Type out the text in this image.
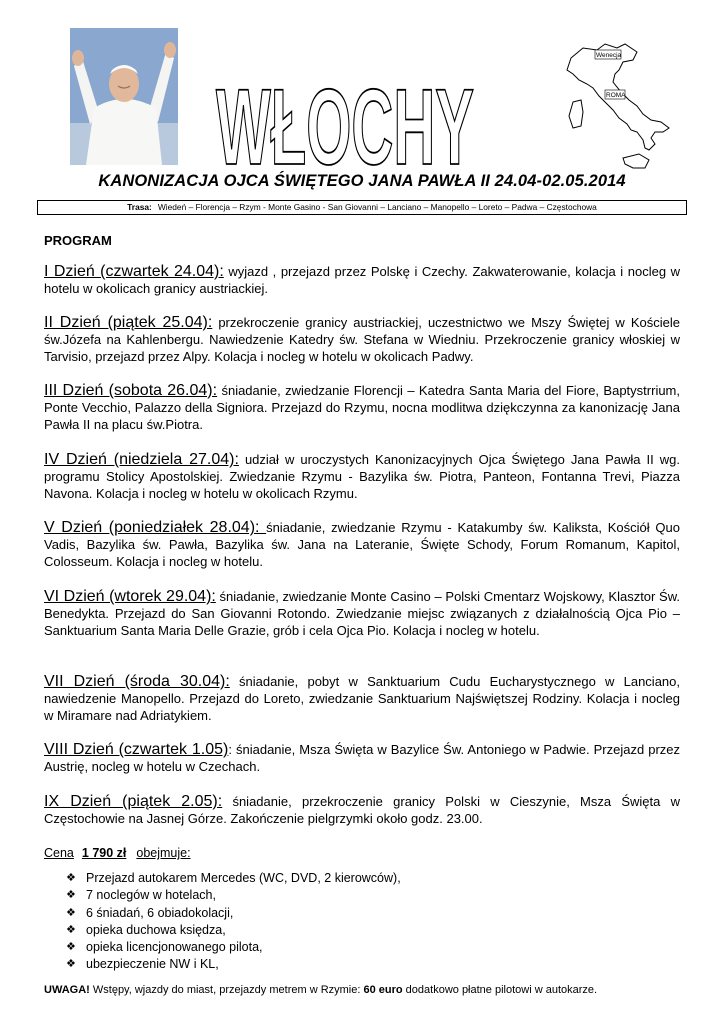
WŁOCHY
Wenecja
ROMA
KANONIZACJA OJCA ŚWIĘTEGO JANA PAWŁA II 24.04-02.05.2014
Trasa: Wiedeń – Florencja – Rzym - Monte Gasino - San Giovanni – Lanciano – Manopello – Loreto – Padwa – Częstochowa
PROGRAM
I Dzień (czwartek 24.04): wyjazd , przejazd przez Polskę i Czechy. Zakwaterowanie, kolacja i nocleg w hotelu w okolicach granicy austriackiej.
II Dzień (piątek 25.04): przekroczenie granicy austriackiej, uczestnictwo we Mszy Świętej w Kościele św.Józefa na Kahlenbergu. Nawiedzenie Katedry św. Stefana w Wiedniu. Przekroczenie granicy włoskiej w Tarvisio, przejazd przez Alpy. Kolacja i nocleg w hotelu w okolicach Padwy.
III Dzień (sobota 26.04): śniadanie, zwiedzanie Florencji – Katedra Santa Maria del Fiore, Baptystrrium, Ponte Vecchio, Palazzo della Signiora. Przejazd do Rzymu, nocna modlitwa dziękczynna za kanonizację Jana Pawła II na placu św.Piotra.
IV Dzień (niedziela 27.04): udział w uroczystych Kanonizacyjnych Ojca Świętego Jana Pawła II wg. programu Stolicy Apostolskiej. Zwiedzanie Rzymu - Bazylika św. Piotra, Panteon, Fontanna Trevi, Piazza Navona. Kolacja i nocleg w hotelu w okolicach Rzymu.
V Dzień (poniedziałek 28.04): śniadanie, zwiedzanie Rzymu - Katakumby św. Kaliksta, Kościół Quo Vadis, Bazylika św. Pawła, Bazylika św. Jana na Lateranie, Święte Schody, Forum Romanum, Kapitol, Colosseum. Kolacja i nocleg w hotelu.
VI Dzień (wtorek 29.04): śniadanie, zwiedzanie Monte Casino – Polski Cmentarz Wojskowy, Klasztor Św. Benedykta. Przejazd do San Giovanni Rotondo. Zwiedzanie miejsc związanych z działalnością Ojca Pio – Sanktuarium Santa Maria Delle Grazie, grób i cela Ojca Pio. Kolacja i nocleg w hotelu.
VII Dzień (środa 30.04): śniadanie, pobyt w Sanktuarium Cudu Eucharystycznego w Lanciano, nawiedzenie Manopello. Przejazd do Loreto, zwiedzanie Sanktuarium Najświętszej Rodziny. Kolacja i nocleg w Miramare nad Adriatykiem.
VIII Dzień (czwartek 1.05): śniadanie, Msza Święta w Bazylice Św. Antoniego w Padwie. Przejazd przez Austrię, nocleg w hotelu w Czechach.
IX Dzień (piątek 2.05): śniadanie, przekroczenie granicy Polski w Cieszynie, Msza Święta w Częstochowie na Jasnej Górze. Zakończenie pielgrzymki około godz. 23.00.
Cena 1 790 zł obejmuje:
❖ Przejazd autokarem Mercedes (WC, DVD, 2 kierowców),
❖ 7 noclegów w hotelach,
❖ 6 śniadań, 6 obiadokolacji,
❖ opieka duchowa księdza,
❖ opieka licencjonowanego pilota,
❖ ubezpieczenie NW i KL,
UWAGA! Wstępy, wjazdy do miast, przejazdy metrem w Rzymie: 60 euro dodatkowo płatne pilotowi w autokarze.
